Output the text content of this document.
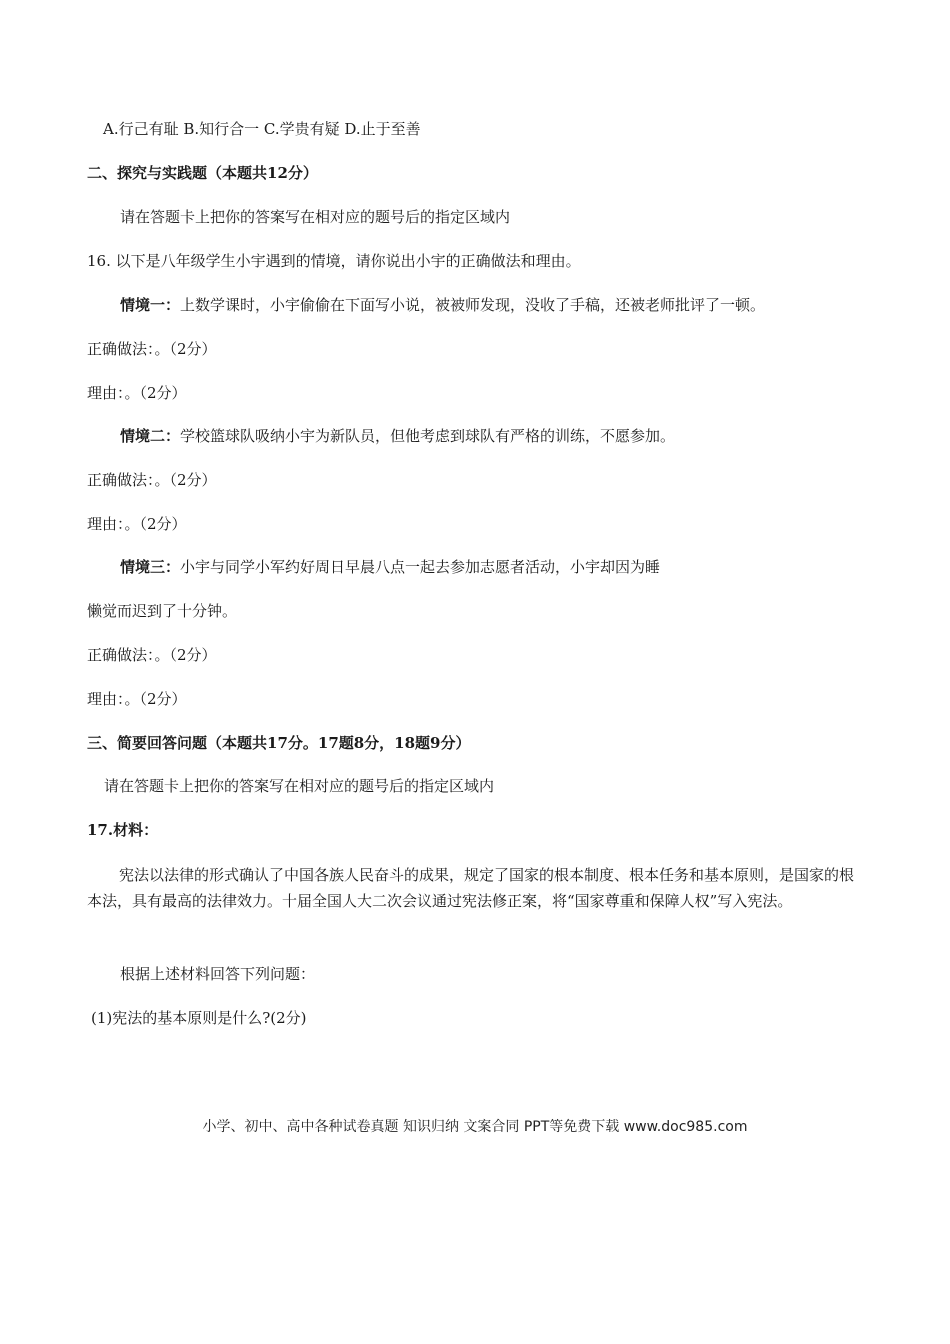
A.行己有耻 B.知行合一 C.学贵有疑 D.止于至善
二、探究与实践题（本题共12分）
请在答题卡上把你的答案写在相对应的题号后的指定区域内
16. 以下是八年级学生小宇遇到的情境，请你说出小宇的正确做法和理由。
情境一：上数学课时，小宇偷偷在下面写小说，被被师发现，没收了手稿，还被老师批评了一顿。
正确做法：。（2分）
理由：。（2分）
情境二：学校篮球队吸纳小宇为新队员，但他考虑到球队有严格的训练，不愿参加。
正确做法：。（2分）
理由：。（2分）
情境三：小宇与同学小军约好周日早晨八点一起去参加志愿者活动，小宇却因为睡
懒觉而迟到了十分钟。
正确做法：。（2分）
理由：。（2分）
三、简要回答问题（本题共17分。17题8分，18题9分）
请在答题卡上把你的答案写在相对应的题号后的指定区域内
17.材料：
宪法以法律的形式确认了中国各族人民奋斗的成果，规定了国家的根本制度、根本任务和基本原则，是国家的根本法，具有最高的法律效力。十届全国人大二次会议通过宪法修正案，将“国家尊重和保障人权”写入宪法。
根据上述材料回答下列问题：
(1)宪法的基本原则是什么?(2分)
小学、初中、高中各种试卷真题 知识归纳 文案合同 PPT等免费下载 www.doc985.com
